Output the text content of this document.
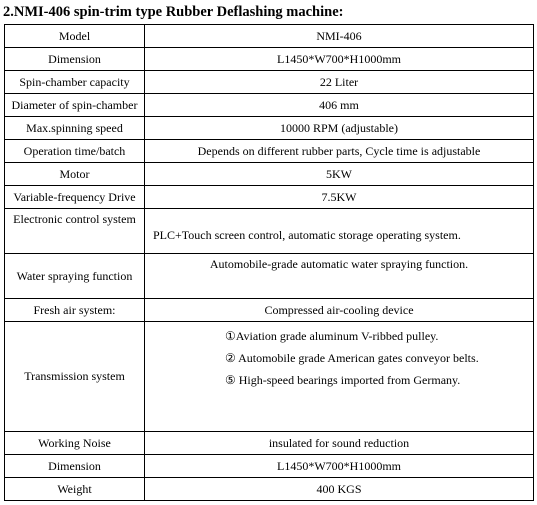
2.NMI-406 spin-trim type Rubber Deflashing machine:
Model	NMI-406
Dimension	L1450*W700*H1000mm
Spin-chamber capacity	22 Liter
Diameter of spin-chamber	406 mm
Max.spinning speed	10000 RPM (adjustable)
Operation time/batch	Depends on different rubber parts, Cycle time is adjustable
Motor	5KW
Variable-frequency Drive	7.5KW
Electronic control system	PLC+Touch screen control, automatic storage operating system.
Water spraying function	Automobile-grade automatic water spraying function.
Fresh air system:	Compressed air-cooling device
Transmission system	①Aviation grade aluminum V-ribbed pulley.
② Automobile grade American gates conveyor belts.
⑤ High-speed bearings imported from Germany.

Working Noise	insulated for sound reduction
Dimension	L1450*W700*H1000mm
Weight	400 KGS
